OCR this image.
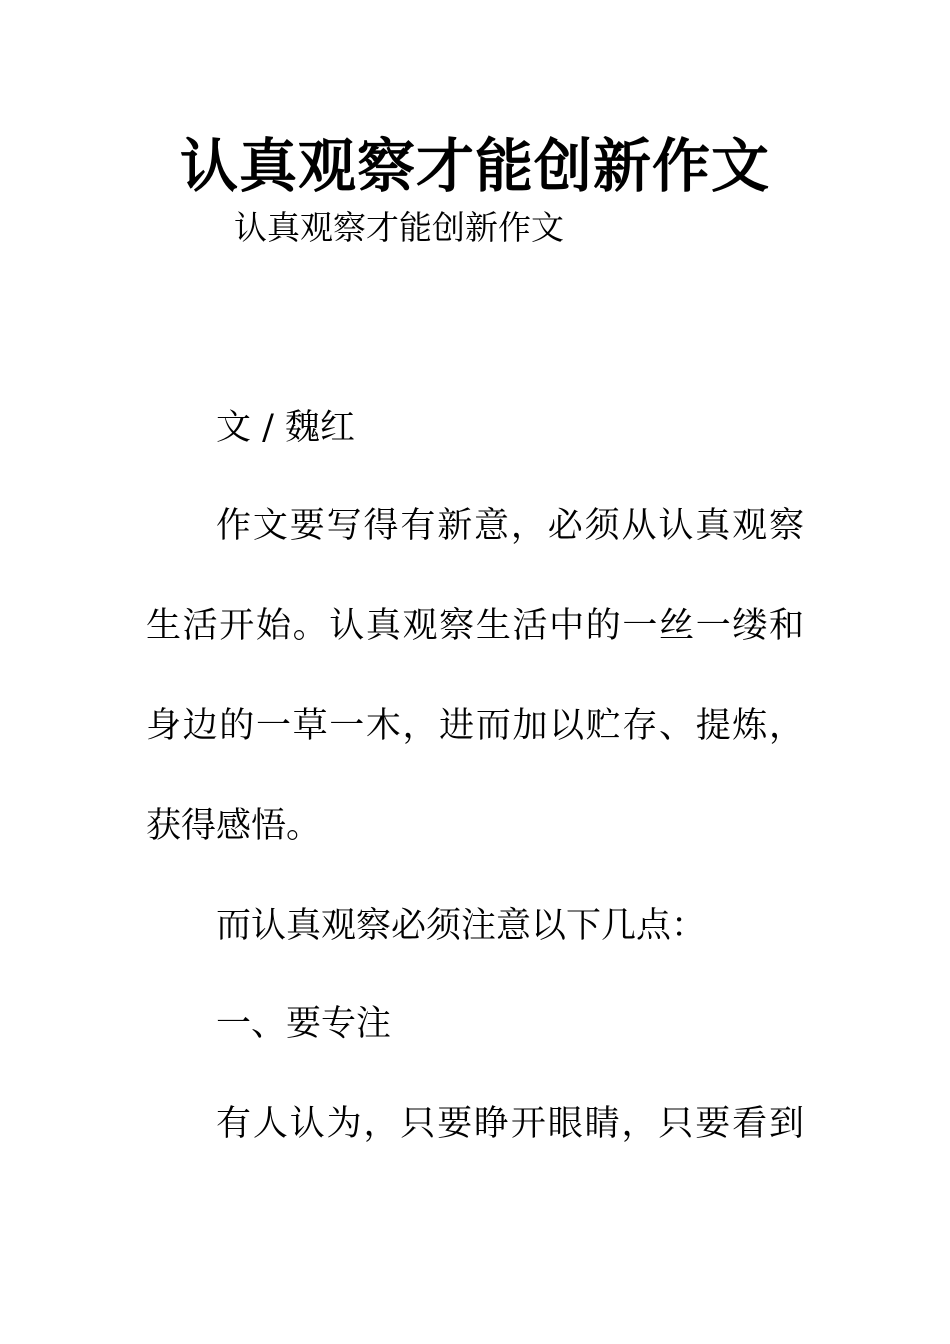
认真观察才能创新作文

认真观察才能创新作文

文 / 魏红

作文要写得有新意，必须从认真观察

生活开始。认真观察生活中的一丝一缕和

身边的一草一木，进而加以贮存、提炼，

获得感悟。

而认真观察必须注意以下几点：

一、要专注

有人认为，只要睁开眼睛，只要看到
